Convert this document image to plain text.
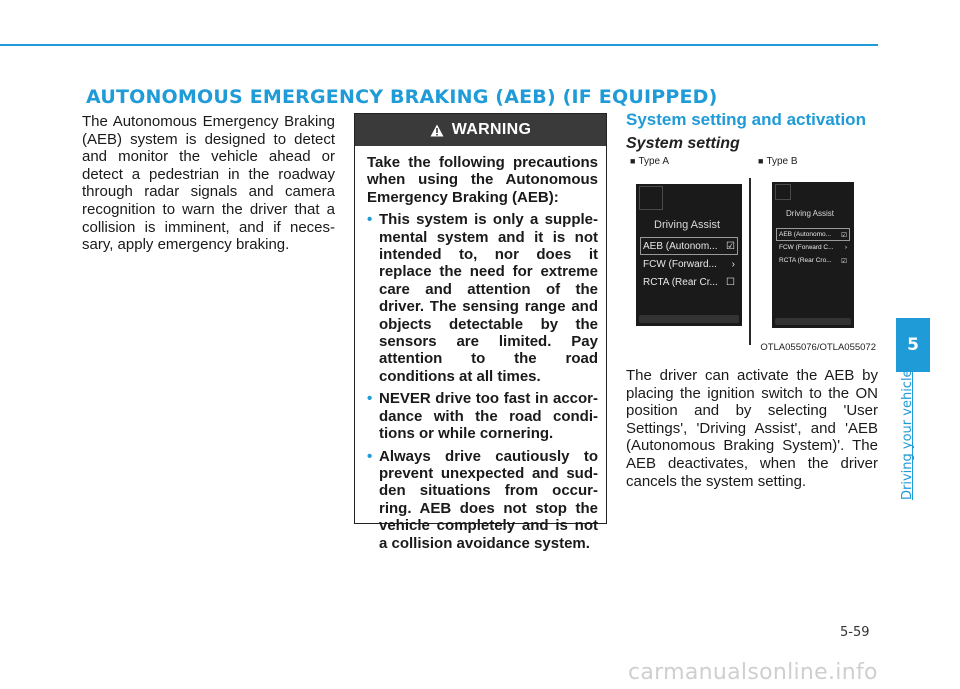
AUTONOMOUS EMERGENCY BRAKING (AEB) (IF EQUIPPED)

The Autonomous Emergency Braking (AEB) system is designed to detect and monitor the vehicle ahead or detect a pedestrian in the roadway through radar signals and camera recognition to warn the driver that a collision is imminent, and if neces-sary, apply emergency braking.

WARNING

Take the following precautions when using the Autonomous Emergency Braking (AEB):

• This system is only a supple-mental system and it is not intended to, nor does it replace the need for extreme care and attention of the driver. The sensing range and objects detectable by the sensors are limited. Pay attention to the road conditions at all times.
• NEVER drive too fast in accor-dance with the road condi-tions or while cornering.
• Always drive cautiously to prevent unexpected and sud-den situations from occur-ring. AEB does not stop the vehicle completely and is not a collision avoidance system.
System setting and activation
System setting
■ Type A	■ Type B
Driving Assist
AEB (Autonom... ☑
FCW (Forward... ›
RCTA (Rear Cr... ☐
Driving Assist
AEB (Autonomo... ☑
FCW (Forward C... ›
RCTA (Rear Cro... ☑
OTLA055076/OTLA055072

The driver can activate the AEB by placing the ignition switch to the ON position and by selecting 'User Settings', 'Driving Assist', and 'AEB (Autonomous Braking System)'. The AEB deactivates, when the driver cancels the system setting.

5
Driving your vehicle
5-59
carmanualsonline.info
